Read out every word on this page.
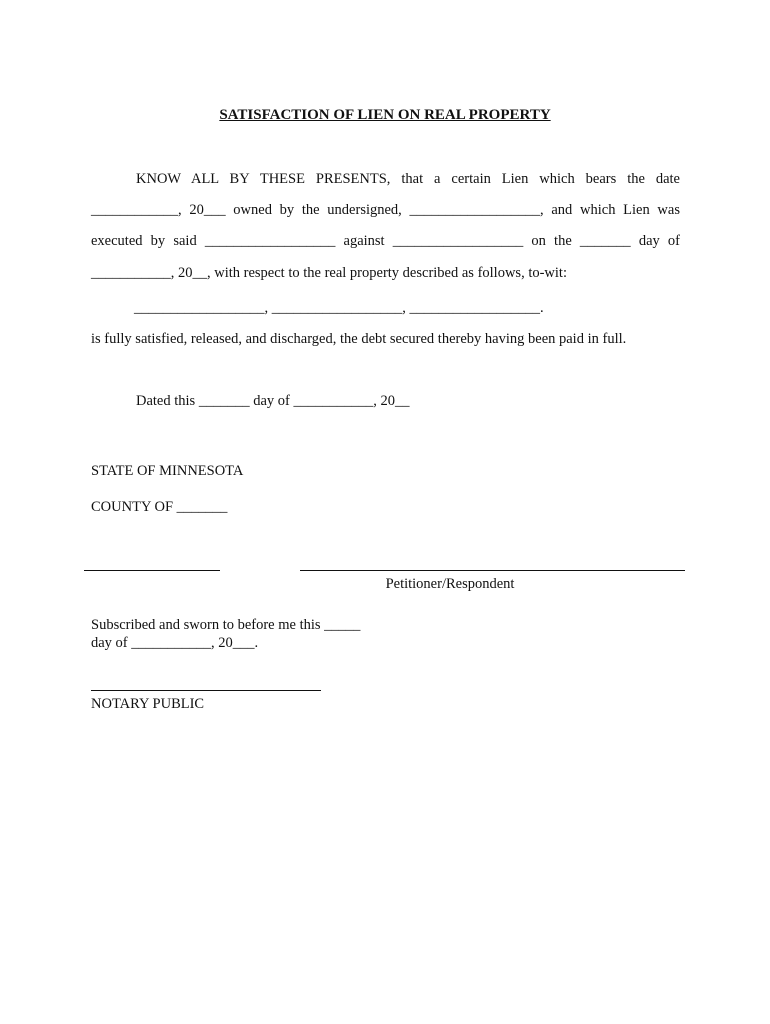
SATISFACTION OF LIEN ON REAL PROPERTY
KNOW ALL BY THESE PRESENTS, that a certain Lien which bears the date
____________, 20___ owned by the undersigned, __________________, and which Lien was
executed by said __________________ against __________________ on the _______ day of
___________, 20__, with respect to the real property described as follows, to-wit:
__________________, __________________, __________________.
is fully satisfied, released, and discharged, the debt secured thereby having been paid in full.
Dated this _______ day of ___________, 20__
STATE OF MINNESOTA
COUNTY OF _______
Petitioner/Respondent
Subscribed and sworn to before me this _____
day of ___________, 20___.
NOTARY PUBLIC
